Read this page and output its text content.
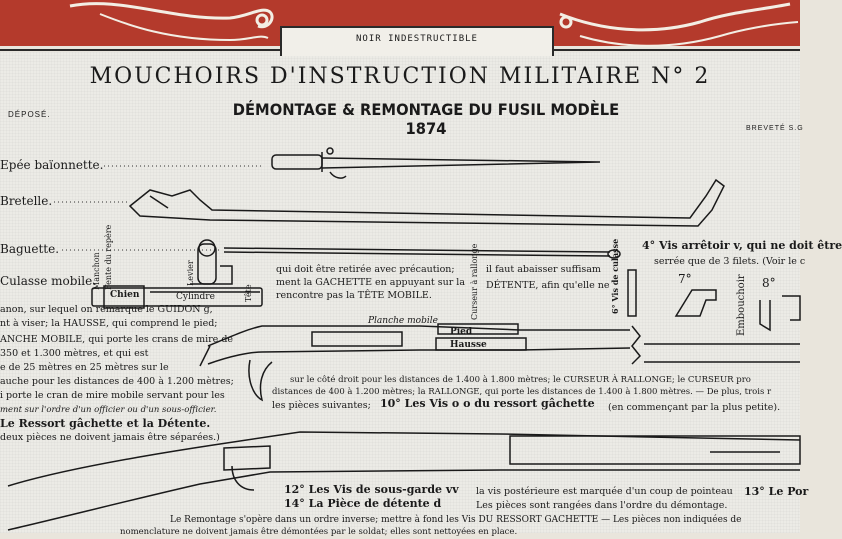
NOIR INDESTRUCTIBLE
MOUCHOIRS D'INSTRUCTION MILITAIRE N° 2
DÉMONTAGE & REMONTAGE DU FUSIL MODÈLE 1874
DÉPOSÉ.
BREVETÉ S.G
Epée baïonnette.
Bretelle.
Baguette.
Culasse mobile.
Manchon Fente du repère
Chien	Cylindre	Tête
Levier
4° Vis arrêtoir v, qui ne doit être
serrée que de 3 filets. (Voir le c
qui doit être retirée avec précaution;
ment la GACHETTE en appuyant sur la
rencontre pas la TÊTE MOBILE.
il faut abaisser suffisam
DÉTENTE, afin qu'elle ne
Curseur à rallonge	6° Vis de culasse	Embouchoir
7°	8°
anon, sur lequel on remarque le GUIDON g,
nt à viser; la HAUSSE, qui comprend le pied;
ANCHE MOBILE, qui porte les crans de mire de
350 et 1.300 mètres, et qui est
e de 25 mètres en 25 mètres sur le
auche pour les distances de 400 à 1.200 mètres;
i porte le cran de mire mobile servant pour les
ment sur l'ordre d'un officier ou d'un sous-officier.
Planche mobile
Pied
Hausse
sur le côté droit pour les distances de 1.400 à 1.800 mètres; le CURSEUR À RALLONGE; le CURSEUR pro
distances de 400 à 1.200 mètres; la RALLONGE, qui porte les distances de 1.400 à 1.800 mètres. — De plus, trois r
les pièces suivantes; 10° Les Vis o o du ressort gâchette (en commençant par la plus petite).
Le Ressort gâchette et la Détente.
deux pièces ne doivent jamais être séparées.)
12° Les Vis de sous-garde vv la vis postérieure est marquée d'un coup de pointeau 13° Le Por
14° La Pièce de détente d	Les pièces sont rangées dans l'ordre du démontage.
Le Remontage s'opère dans un ordre inverse; mettre à fond les Vis DU RESSORT GACHETTE — Les pièces non indiquées de
nomenclature ne doivent jamais être démontées par le soldat; elles sont nettoyées en place.
